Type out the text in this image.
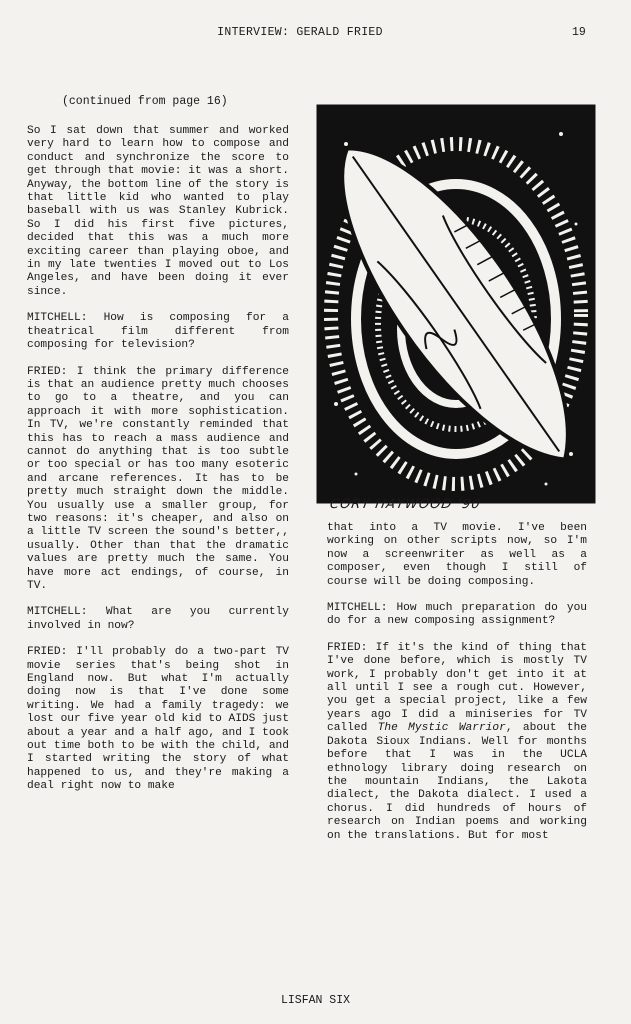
INTERVIEW: GERALD FRIED	19
(continued from page 16)

So I sat down that summer and worked very hard to learn how to compose and conduct and synchronize the score to get through that movie: it was a short. Anyway, the bottom line of the story is that little kid who wanted to play baseball with us was Stanley Kubrick. So I did his first five pictures, decided that this was a much more exciting career than playing oboe, and in my late twenties I moved out to Los Angeles, and have been doing it ever since.

MITCHELL: How is composing for a theatrical film different from composing for television?

FRIED: I think the primary difference is that an audience pretty much chooses to go to a theatre, and you can approach it with more sophistication. In TV, we're constantly reminded that this has to reach a mass audience and cannot do anything that is too subtle or too special or has too many esoteric and arcane references. It has to be pretty much straight down the middle. You usually use a smaller group, for two reasons: it's cheaper, and also on a little TV screen the sound's better,, usually. Other than that the dramatic values are pretty much the same. You have more act endings, of course, in TV.

MITCHELL: What are you currently involved in now?

FRIED: I'll probably do a two-part TV movie series that's being shot in England now. But what I'm actually doing now is that I've done some writing. We had a family tragedy: we lost our five year old kid to AIDS just about a year and a half ago, and I took out time both to be with the child, and I started writing the story of what happened to us, and they're making a deal right now to make

CORY HAYWOOD '90

that into a TV movie. I've been working on other scripts now, so I'm now a screenwriter as well as a composer, even though I still of course will be doing composing.

MITCHELL: How much preparation do you do for a new composing assignment?

FRIED: If it's the kind of thing that I've done before, which is mostly TV work, I probably don't get into it at all until I see a rough cut. However, you get a special project, like a few years ago I did a miniseries for TV called The Mystic Warrior, about the Dakota Sioux Indians. Well for months before that I was in the UCLA ethnology library doing research on the mountain Indians, the Lakota dialect, the Dakota dialect. I used a chorus. I did hundreds of hours of research on Indian poems and working on the translations. But for most

LISFAN SIX
